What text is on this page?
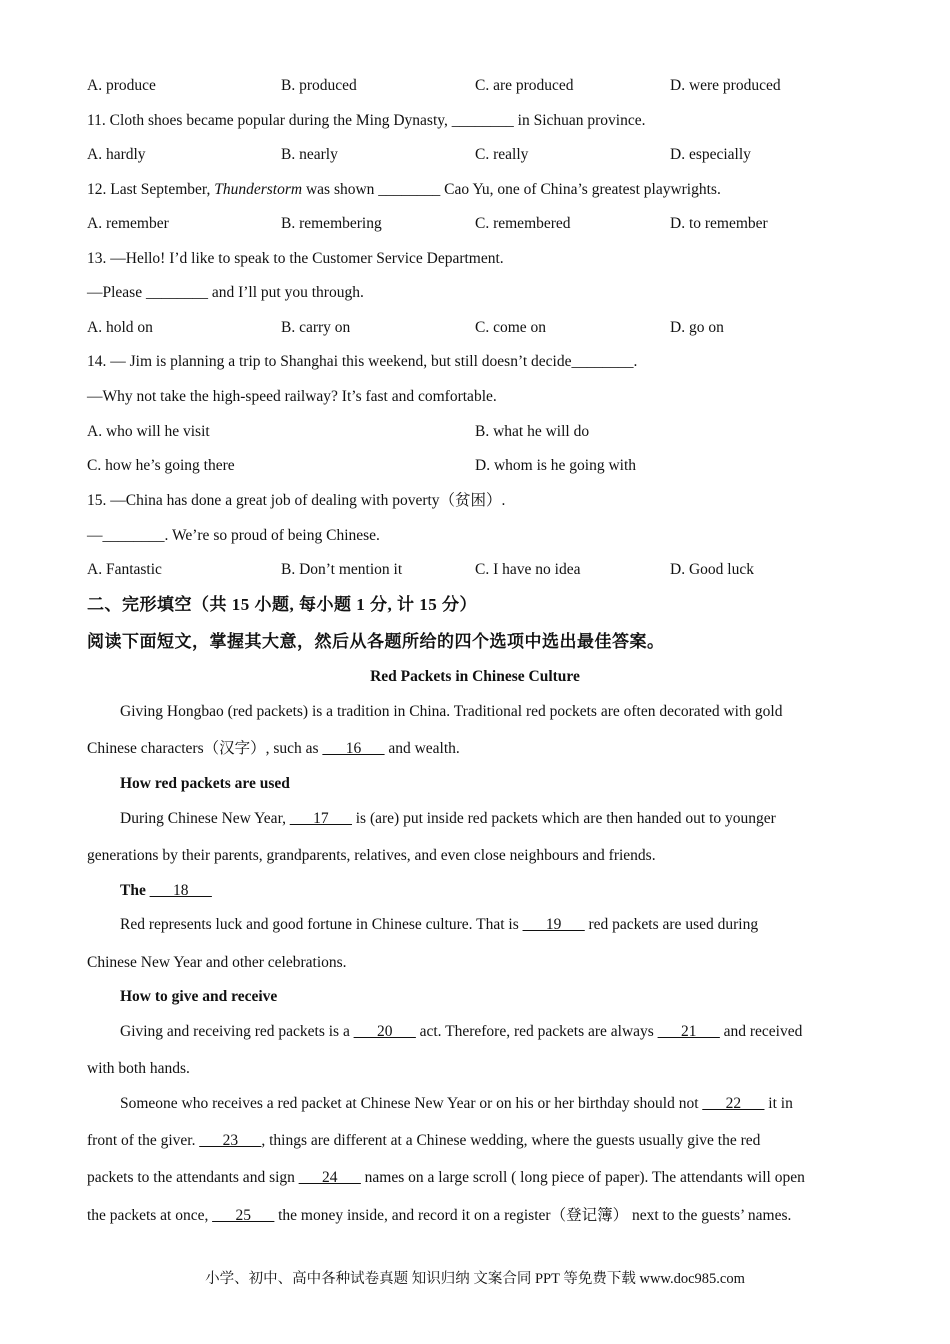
A. produce	B. produced	C. are produced	D. were produced
11. Cloth shoes became popular during the Ming Dynasty, ________ in Sichuan province.
A. hardly	B. nearly	C. really	D. especially
12. Last September, Thunderstorm was shown ________ Cao Yu, one of China’s greatest playwrights.
A. remember	B. remembering	C. remembered	D. to remember
13. —Hello! I’d like to speak to the Customer Service Department.
—Please ________ and I’ll put you through.
A. hold on	B. carry on	C. come on	D. go on
14. — Jim is planning a trip to Shanghai this weekend, but still doesn’t decide________.
—Why not take the high-speed railway? It’s fast and comfortable.
A. who will he visit	B. what he will do
C. how he’s going there	D. whom is he going with
15. —China has done a great job of dealing with poverty（贫困）.
—________. We’re so proud of being Chinese.
A. Fantastic	B. Don’t mention it	C. I have no idea	D. Good luck
二、完形填空（共 15 小题, 每小题 1 分, 计 15 分）
阅读下面短文，掌握其大意，然后从各题所给的四个选项中选出最佳答案。
Red Packets in Chinese Culture
Giving Hongbao (red packets) is a tradition in China. Traditional red pockets are often decorated with gold
Chinese characters（汉字）, such as ___16___ and wealth.
How red packets are used
During Chinese New Year, ___17___ is (are) put inside red packets which are then handed out to younger
generations by their parents, grandparents, relatives, and even close neighbours and friends.
The ___18___
Red represents luck and good fortune in Chinese culture. That is ___19___ red packets are used during
Chinese New Year and other celebrations.
How to give and receive
Giving and receiving red packets is a ___20___ act. Therefore, red packets are always ___21___ and received
with both hands.
Someone who receives a red packet at Chinese New Year or on his or her birthday should not ___22___ it in
front of the giver. ___23___, things are different at a Chinese wedding, where the guests usually give the red
packets to the attendants and sign ___24___ names on a large scroll ( long piece of paper). The attendants will open
the packets at once, ___25___ the money inside, and record it on a register（登记簿） next to the guests’ names.
小学、初中、高中各种试卷真题 知识归纳 文案合同 PPT 等免费下载 www.doc985.com
